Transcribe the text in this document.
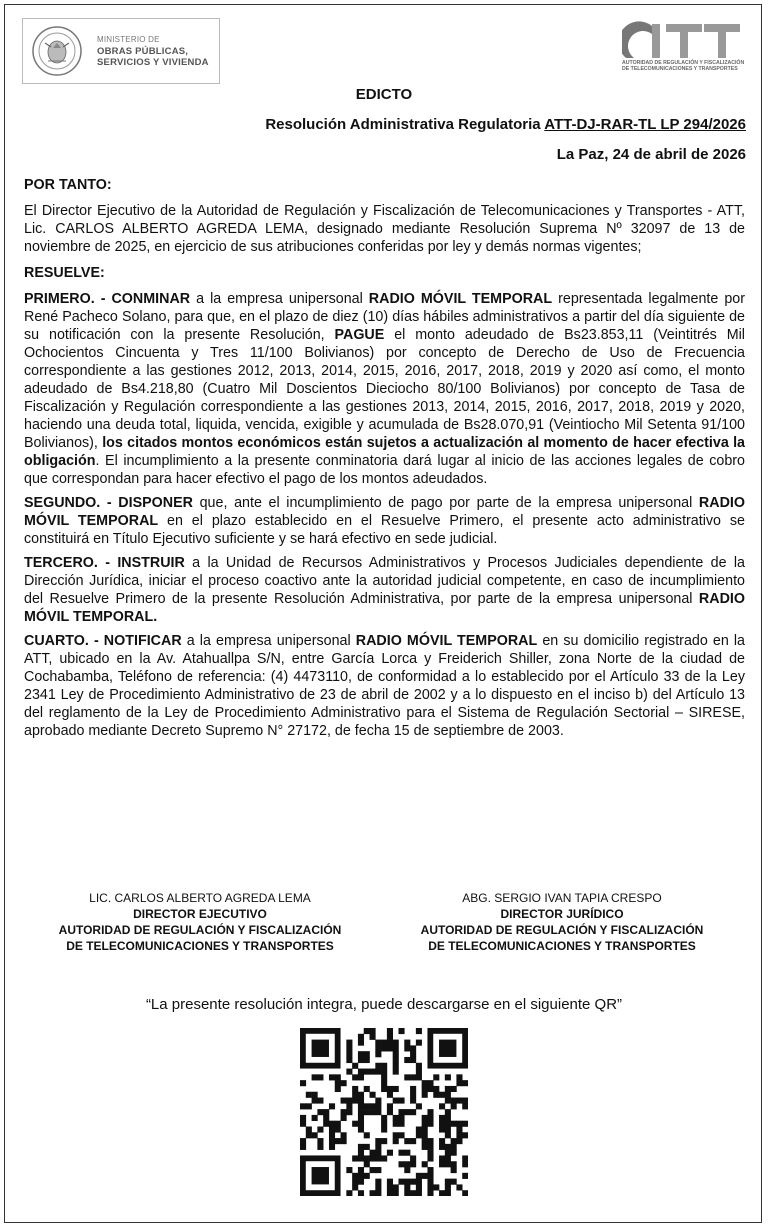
MINISTERIO DE
OBRAS PÚBLICAS,
SERVICIOS Y VIVIENDA	AUTORIDAD DE REGULACIÓN Y FISCALIZACIÓN
DE TELECOMUNICACIONES Y TRANSPORTES
EDICTO
Resolución Administrativa Regulatoria ATT-DJ-RAR-TL LP 294/2026
La Paz, 24 de abril de 2026

POR TANTO:

El Director Ejecutivo de la Autoridad de Regulación y Fiscalización de Telecomunicaciones y Transportes - ATT, Lic. CARLOS ALBERTO AGREDA LEMA, designado mediante Resolución Suprema Nº 32097 de 13 de noviembre de 2025, en ejercicio de sus atribuciones conferidas por ley y demás normas vigentes;

RESUELVE:

PRIMERO. - CONMINAR a la empresa unipersonal RADIO MÓVIL TEMPORAL representada legalmente por René Pacheco Solano, para que, en el plazo de diez (10) días hábiles administrativos a partir del día siguiente de su notificación con la presente Resolución, PAGUE el monto adeudado de Bs23.853,11 (Veintitrés Mil Ochocientos Cincuenta y Tres 11/100 Bolivianos) por concepto de Derecho de Uso de Frecuencia correspondiente a las gestiones 2012, 2013, 2014, 2015, 2016, 2017, 2018, 2019 y 2020 así como, el monto adeudado de Bs4.218,80 (Cuatro Mil Doscientos Dieciocho 80/100 Bolivianos) por concepto de Tasa de Fiscalización y Regulación correspondiente a las gestiones 2013, 2014, 2015, 2016, 2017, 2018, 2019 y 2020, haciendo una deuda total, liquida, vencida, exigible y acumulada de Bs28.070,91 (Veintiocho Mil Setenta 91/100 Bolivianos), los citados montos económicos están sujetos a actualización al momento de hacer efectiva la obligación. El incumplimiento a la presente conminatoria dará lugar al inicio de las acciones legales de cobro que correspondan para hacer efectivo el pago de los montos adeudados.

SEGUNDO. - DISPONER que, ante el incumplimiento de pago por parte de la empresa unipersonal RADIO MÓVIL TEMPORAL en el plazo establecido en el Resuelve Primero, el presente acto administrativo se constituirá en Título Ejecutivo suficiente y se hará efectivo en sede judicial.

TERCERO. - INSTRUIR a la Unidad de Recursos Administrativos y Procesos Judiciales dependiente de la Dirección Jurídica, iniciar el proceso coactivo ante la autoridad judicial competente, en caso de incumplimiento del Resuelve Primero de la presente Resolución Administrativa, por parte de la empresa unipersonal RADIO MÓVIL TEMPORAL.

CUARTO. - NOTIFICAR a la empresa unipersonal RADIO MÓVIL TEMPORAL en su domicilio registrado en la ATT, ubicado en la Av. Atahuallpa S/N, entre García Lorca y Freiderich Shiller, zona Norte de la ciudad de Cochabamba, Teléfono de referencia: (4) 4473110, de conformidad a lo establecido por el Artículo 33 de la Ley 2341 Ley de Procedimiento Administrativo de 23 de abril de 2002 y a lo dispuesto en el inciso b) del Artículo 13 del reglamento de la Ley de Procedimiento Administrativo para el Sistema de Regulación Sectorial – SIRESE, aprobado mediante Decreto Supremo N° 27172, de fecha 15 de septiembre de 2003.

LIC. CARLOS ALBERTO AGREDA LEMA
DIRECTOR EJECUTIVO
AUTORIDAD DE REGULACIÓN Y FISCALIZACIÓN
DE TELECOMUNICACIONES Y TRANSPORTES
ABG. SERGIO IVAN TAPIA CRESPO
DIRECTOR JURÍDICO
AUTORIDAD DE REGULACIÓN Y FISCALIZACIÓN
DE TELECOMUNICACIONES Y TRANSPORTES
“La presente resolución integra, puede descargarse en el siguiente QR”
